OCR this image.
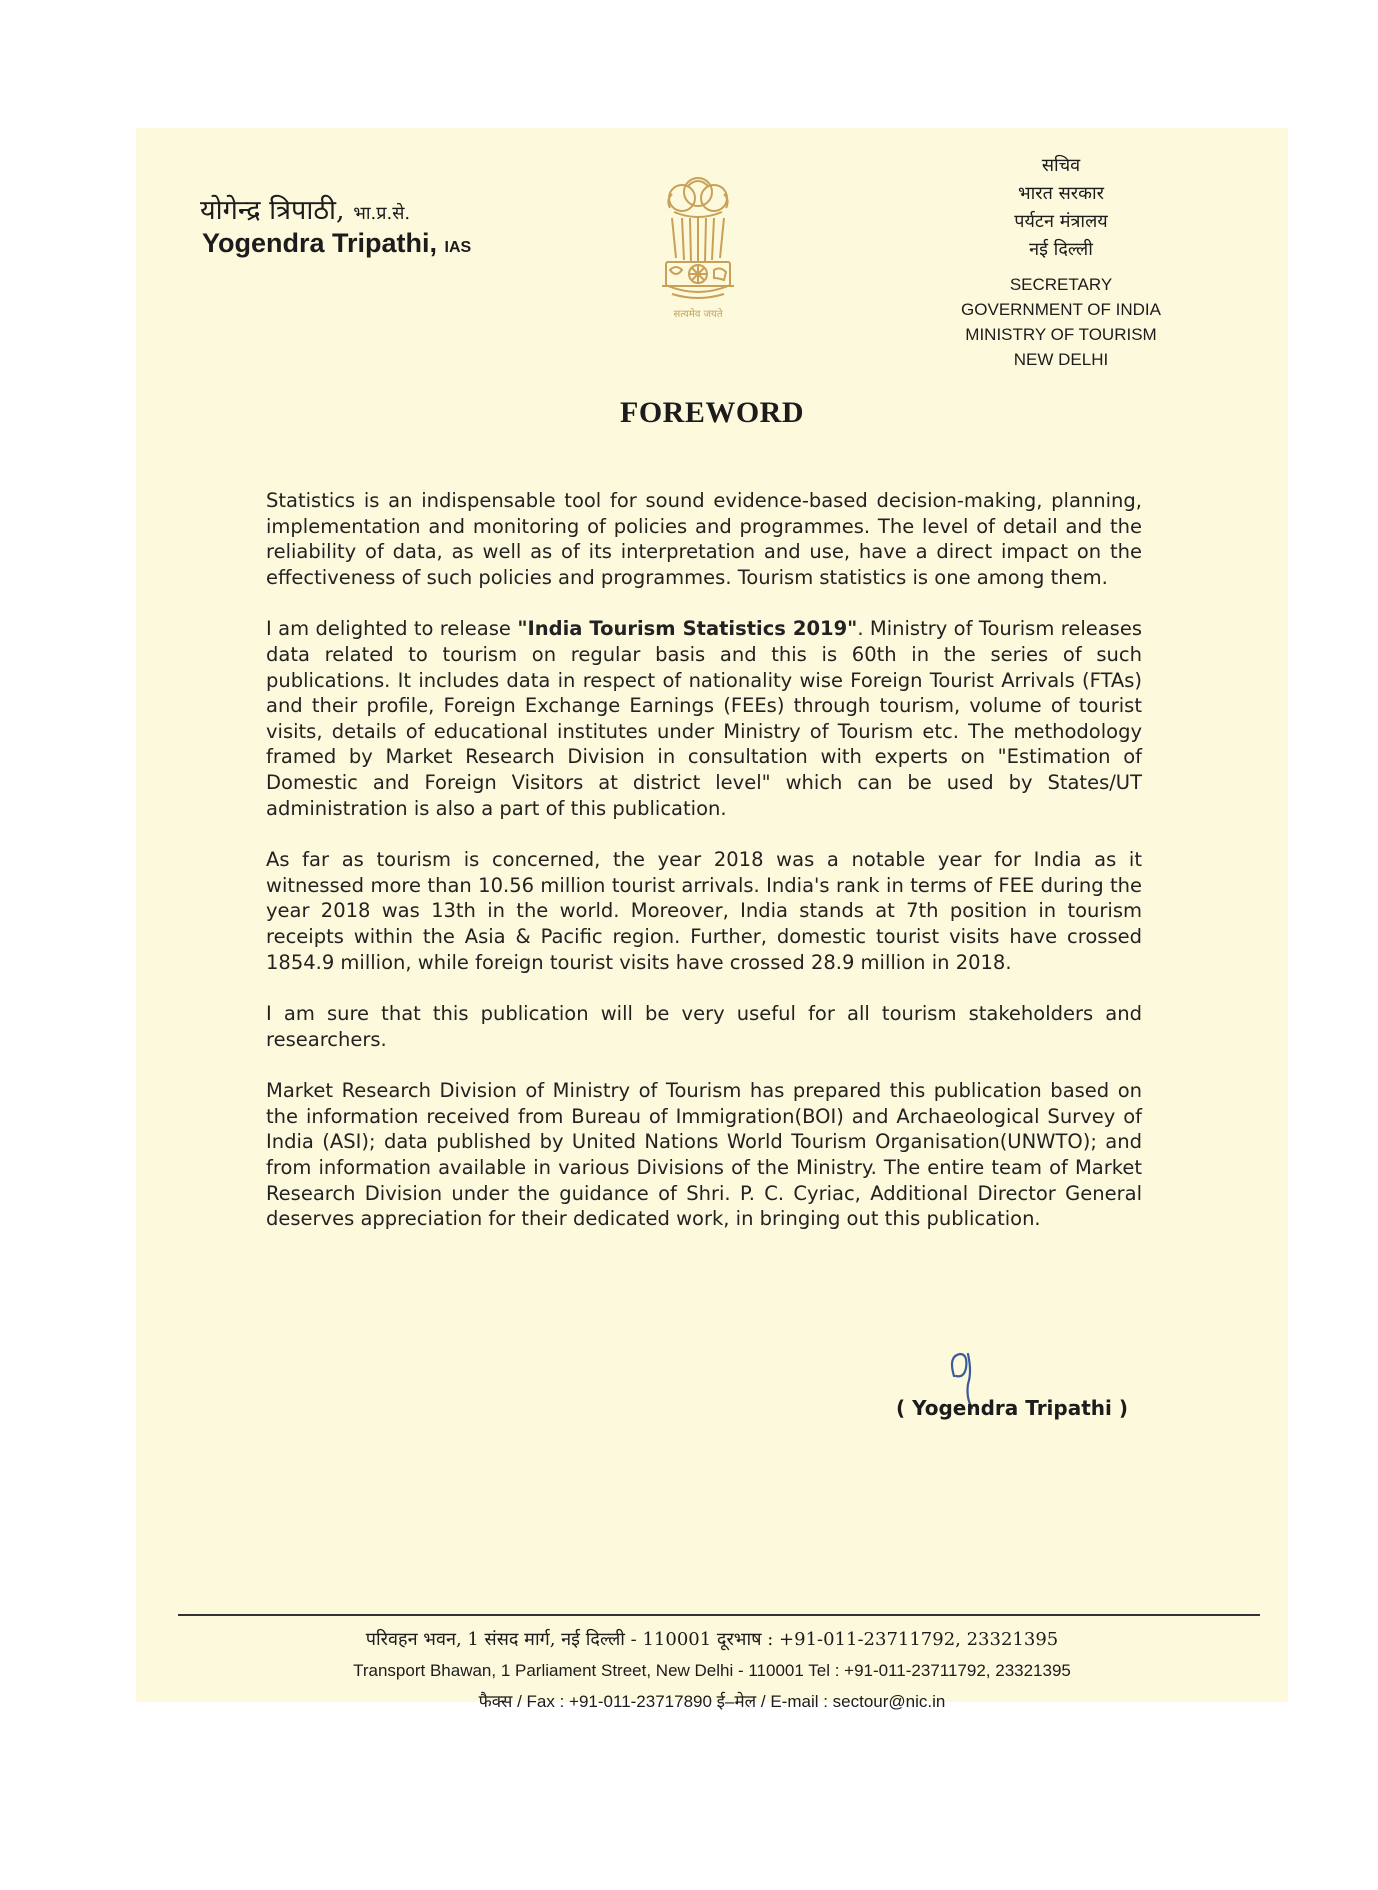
योगेन्द्र त्रिपाठी, भा.प्र.से.
Yogendra Tripathi, IAS
सत्यमेव जयते
सचिव
भारत सरकार
पर्यटन मंत्रालय
नई दिल्ली
SECRETARY
GOVERNMENT OF INDIA
MINISTRY OF TOURISM
NEW DELHI
FOREWORD

Statistics is an indispensable tool for sound evidence-based decision-making, planning, implementation and monitoring of policies and programmes. The level of detail and the reliability of data, as well as of its interpretation and use, have a direct impact on the effectiveness of such policies and programmes. Tourism statistics is one among them.

I am delighted to release "India Tourism Statistics 2019". Ministry of Tourism releases data related to tourism on regular basis and this is 60th in the series of such publications. It includes data in respect of nationality wise Foreign Tourist Arrivals (FTAs) and their profile, Foreign Exchange Earnings (FEEs) through tourism, volume of tourist visits, details of educational institutes under Ministry of Tourism etc. The methodology framed by Market Research Division in consultation with experts on "Estimation of Domestic and Foreign Visitors at district level" which can be used by States/UT administration is also a part of this publication.

As far as tourism is concerned, the year 2018 was a notable year for India as it witnessed more than 10.56 million tourist arrivals. India's rank in terms of FEE during the year 2018 was 13th in the world. Moreover, India stands at 7th position in tourism receipts within the Asia & Pacific region. Further, domestic tourist visits have crossed 1854.9 million, while foreign tourist visits have crossed 28.9 million in 2018.

I am sure that this publication will be very useful for all tourism stakeholders and researchers.

Market Research Division of Ministry of Tourism has prepared this publication based on the information received from Bureau of Immigration(BOI) and Archaeological Survey of India (ASI); data published by United Nations World Tourism Organisation(UNWTO); and from information available in various Divisions of the Ministry. The entire team of Market Research Division under the guidance of Shri. P. C. Cyriac, Additional Director General deserves appreciation for their dedicated work, in bringing out this publication.

( Yogendra Tripathi )
परिवहन भवन, 1 संसद मार्ग, नई दिल्ली - 110001 दूरभाष : +91-011-23711792, 23321395
Transport Bhawan, 1 Parliament Street, New Delhi - 110001 Tel : +91-011-23711792, 23321395
फैक्स / Fax : +91-011-23717890 ई–मेल / E-mail : sectour@nic.in
